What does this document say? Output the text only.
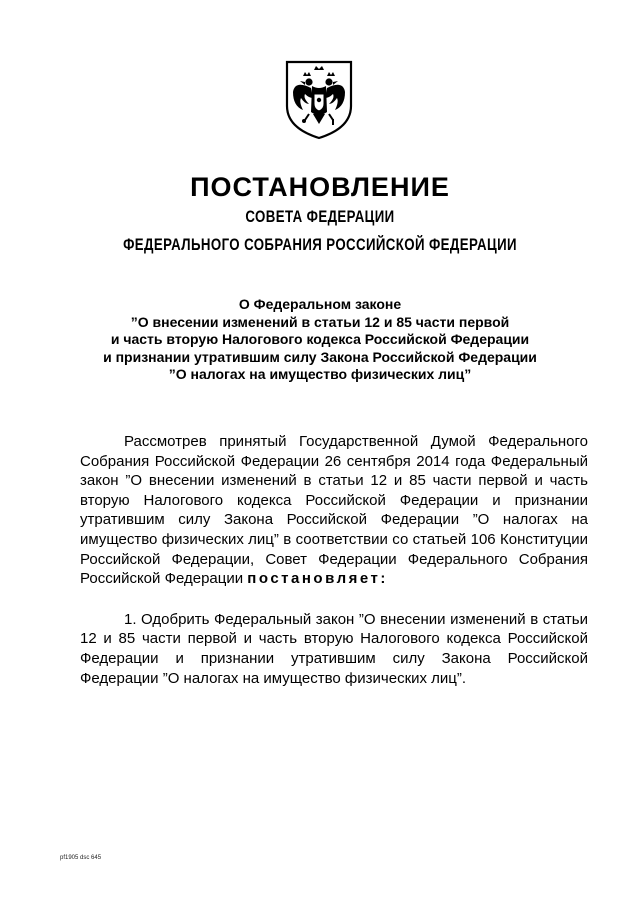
ПОСТАНОВЛЕНИЕ
СОВЕТА ФЕДЕРАЦИИ
ФЕДЕРАЛЬНОГО СОБРАНИЯ РОССИЙСКОЙ ФЕДЕРАЦИИ
О Федеральном законе
”О внесении изменений в статьи 12 и 85 части первой
и часть вторую Налогового кодекса Российской Федерации
и признании утратившим силу Закона Российской Федерации
”О налогах на имущество физических лиц”

Рассмотрев принятый Государственной Думой Федерального Собрания Российской Федерации 26 сентября 2014 года Федеральный закон ”О внесении изменений в статьи 12 и 85 части первой и часть вторую Налогового кодекса Российской Федерации и признании утратившим силу Закона Российской Федерации ”О налогах на имущество физических лиц” в соответствии со статьей 106 Конституции Российской Федерации, Совет Федерации Федерального Собрания Российской Федерации постановляет:

1. Одобрить Федеральный закон ”О внесении изменений в статьи 12 и 85 части первой и часть вторую Налогового кодекса Российской Федерации и признании утратившим силу Закона Российской Федерации ”О налогах на имущество физических лиц”.

pf1905 dsc 645
